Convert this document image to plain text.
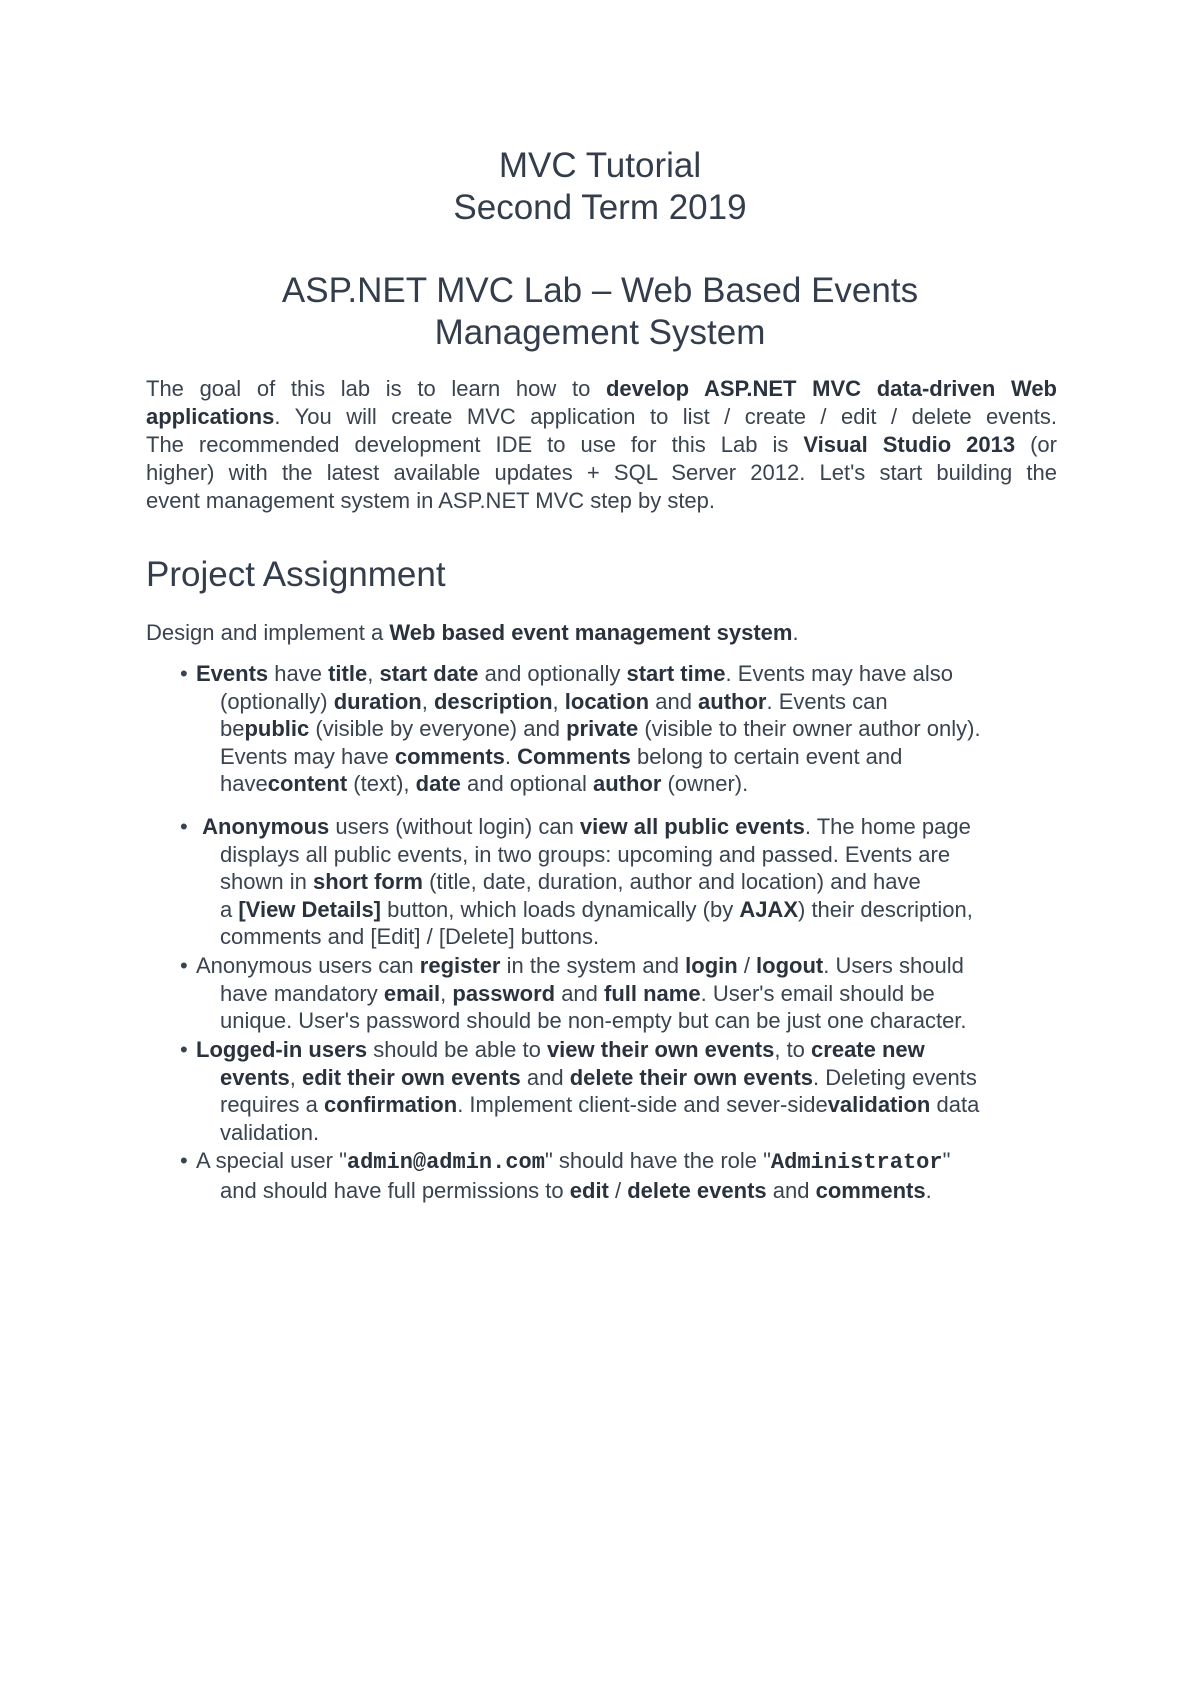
MVC Tutorial
Second Term 2019
ASP.NET MVC Lab – Web Based Events
Management System
The goal of this lab is to learn how to develop ASP.NET MVC data-driven Web
applications. You will create MVC application to list / create / edit / delete events.
The recommended development IDE to use for this Lab is Visual Studio 2013 (or
higher) with the latest available updates + SQL Server 2012. Let's start building the
event management system in ASP.NET MVC step by step.
Project Assignment
Design and implement a Web based event management system.
• Events have title, start date and optionally start time. Events may have also
(optionally) duration, description, location and author. Events can
bepublic (visible by everyone) and private (visible to their owner author only).
Events may have comments. Comments belong to certain event and
havecontent (text), date and optional author (owner).
• Anonymous users (without login) can view all public events. The home page
displays all public events, in two groups: upcoming and passed. Events are
shown in short form (title, date, duration, author and location) and have
a [View Details] button, which loads dynamically (by AJAX) their description,
comments and [Edit] / [Delete] buttons.
• Anonymous users can register in the system and login / logout. Users should
have mandatory email, password and full name. User's email should be
unique. User's password should be non-empty but can be just one character.
• Logged-in users should be able to view their own events, to create new
events, edit their own events and delete their own events. Deleting events
requires a confirmation. Implement client-side and sever-sidevalidation data
validation.
• A special user "admin@admin.com" should have the role "Administrator"
and should have full permissions to edit / delete events and comments.
